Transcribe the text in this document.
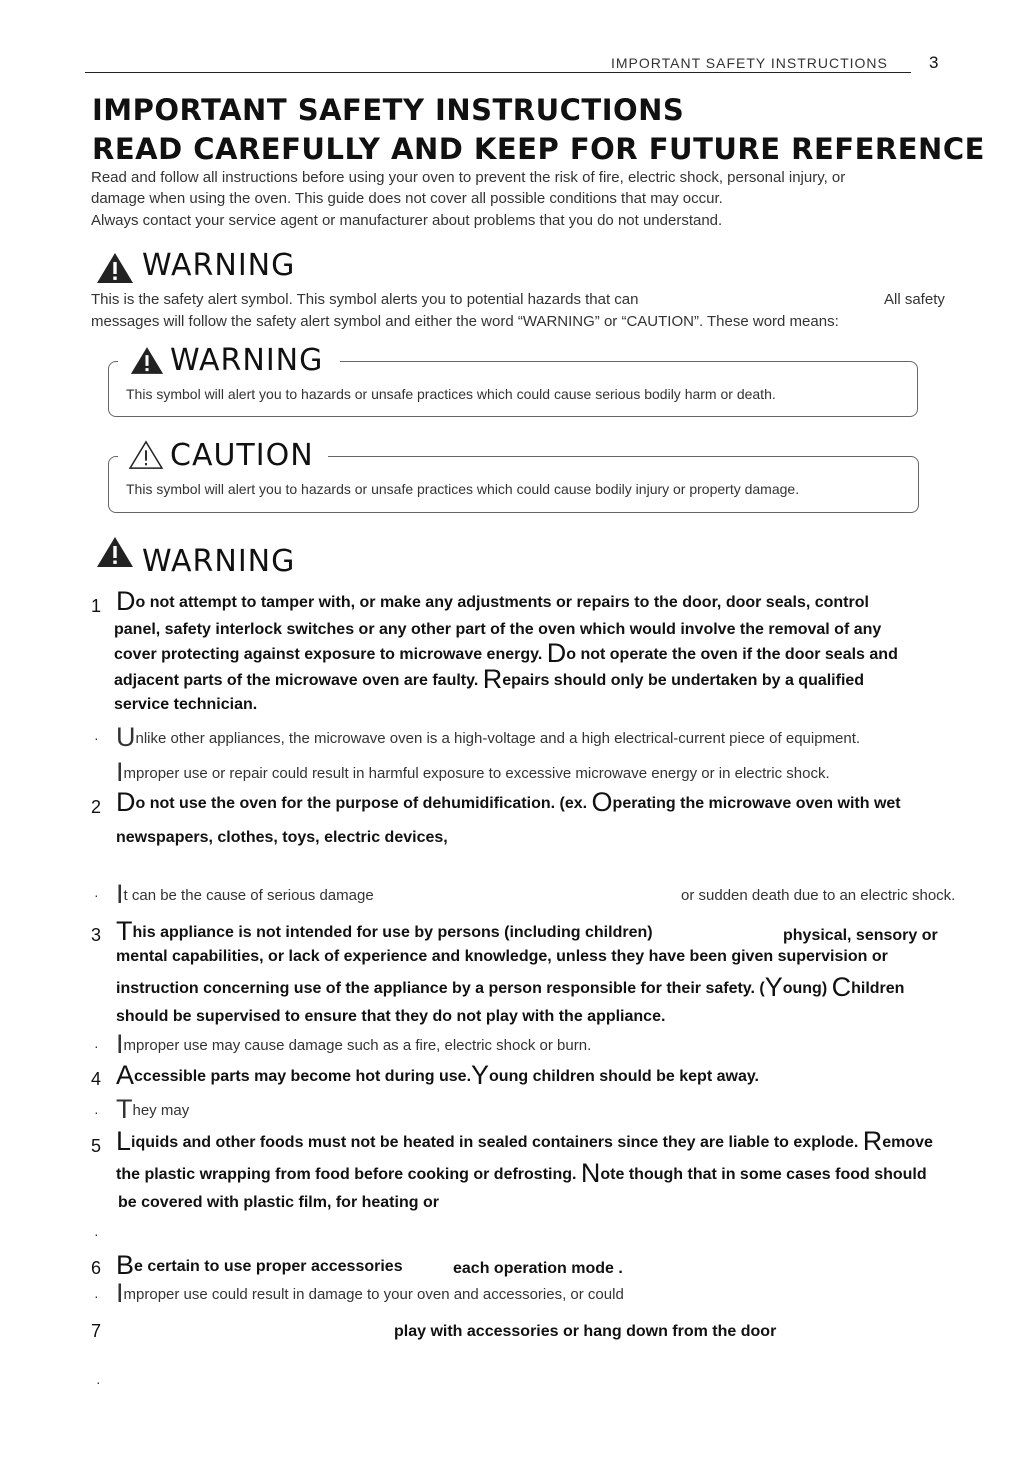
IMPORTANT SAFETY INSTRUCTIONS 3
IMPORTANT SAFETY INSTRUCTIONS
READ CAREFULLY AND KEEP FOR FUTURE REFERENCE
Read and follow all instructions before using your oven to prevent the risk of fire, electric shock, personal injury, or
damage when using the oven. This guide does not cover all possible conditions that may occur.
Always contact your service agent or manufacturer about problems that you do not understand.
WARNING
This is the safety alert symbol. This symbol alerts you to potential hazards that can	All safety
messages will follow the safety alert symbol and either the word “WARNING” or “CAUTION”. These word means:
WARNING
This symbol will alert you to hazards or unsafe practices which could cause serious bodily harm or death.
CAUTION
This symbol will alert you to hazards or unsafe practices which could cause bodily injury or property damage.
WARNING
1 Do not attempt to tamper with, or make any adjustments or repairs to the door, door seals, control
panel, safety interlock switches or any other part of the oven which would involve the removal of any
cover protecting against exposure to microwave energy. Do not operate the oven if the door seals and
adjacent parts of the microwave oven are faulty. Repairs should only be undertaken by a qualified
service technician.
· Unlike other appliances, the microwave oven is a high-voltage and a high electrical-current piece of equipment.
Improper use or repair could result in harmful exposure to excessive microwave energy or in electric shock.
2 Do not use the oven for the purpose of dehumidification. (ex. Operating the microwave oven with wet
newspapers, clothes, toys, electric devices,
· It can be the cause of serious damage	or sudden death due to an electric shock.
3 This appliance is not intended for use by persons (including children)	physical, sensory or
mental capabilities, or lack of experience and knowledge, unless they have been given supervision or
instruction concerning use of the appliance by a person responsible for their safety. (Young) Children
should be supervised to ensure that they do not play with the appliance.
· Improper use may cause damage such as a fire, electric shock or burn.
4 Accessible parts may become hot during use.Young children should be kept away.
· They may
5 Liquids and other foods must not be heated in sealed containers since they are liable to explode. Remove
the plastic wrapping from food before cooking or defrosting. Note though that in some cases food should
be covered with plastic film, for heating or
·
6 Be certain to use proper accessories	each operation mode .
· Improper use could result in damage to your oven and accessories, or could
7	play with accessories or hang down from the door
·
